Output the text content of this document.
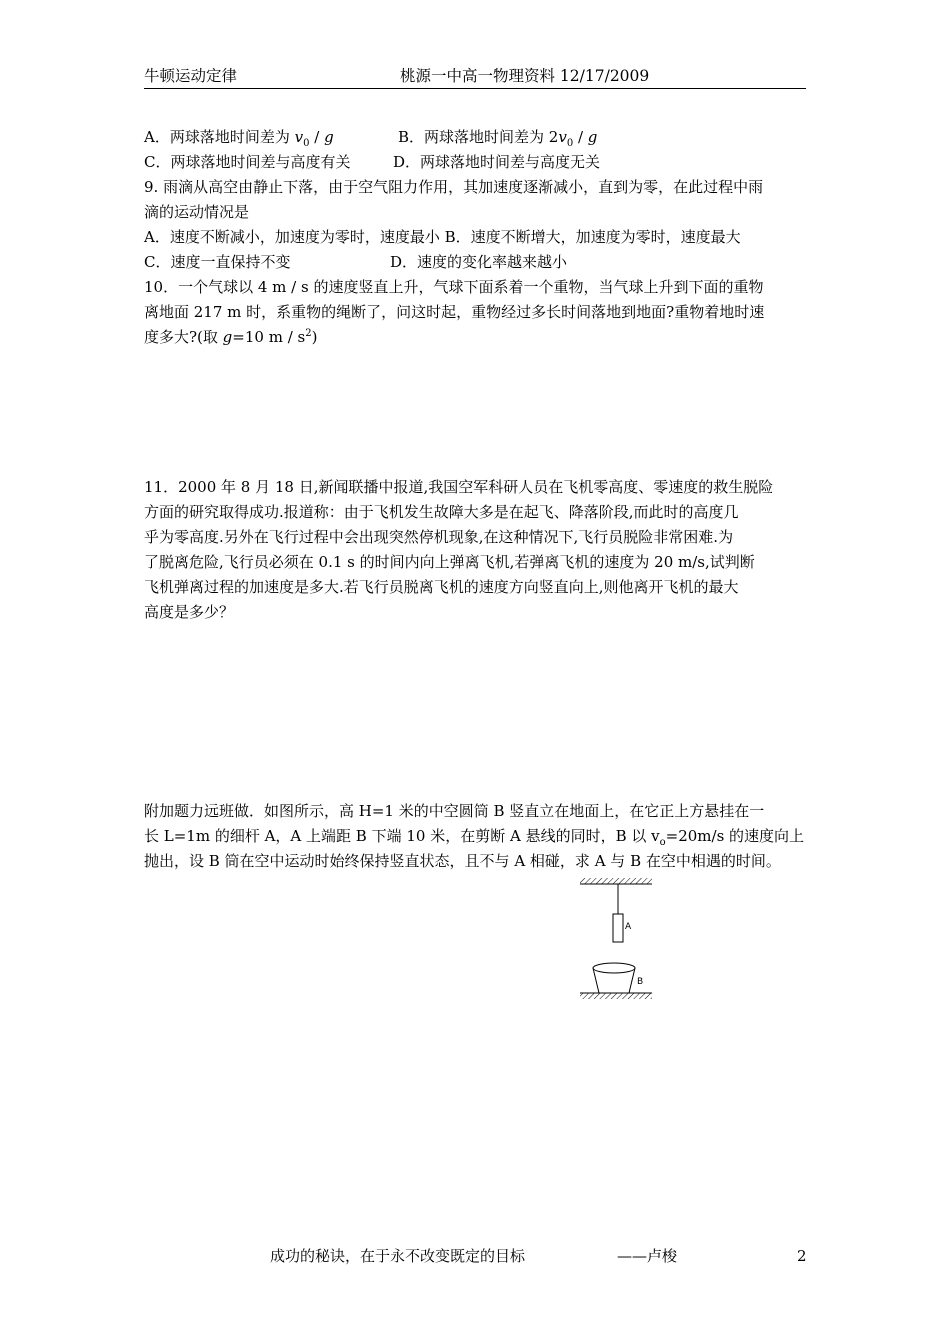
牛顿运动定律	桃源一中高一物理资料 12/17/2009
A．两球落地时间差为 $v_0$ / g	B．两球落地时间差为 $2v_0$ / g
C．两球落地时间差与高度有关	D．两球落地时间差与高度无关
9. 雨滴从高空由静止下落，由于空气阻力作用，其加速度逐渐减小，直到为零，在此过程中雨
滴的运动情况是
A．速度不断减小，加速度为零时，速度最小 B．速度不断增大，加速度为零时，速度最大
C．速度一直保持不变	D．速度的变化率越来越小
10．一个气球以 4 m / s 的速度竖直上升，气球下面系着一个重物，当气球上升到下面的重物
离地面 217 m 时，系重物的绳断了，问这时起，重物经过多长时间落地到地面?重物着地时速
度多大?(取 g=10 m / $s^2$)
11．2000 年 8 月 18 日,新闻联播中报道,我国空军科研人员在飞机零高度、零速度的救生脱险
方面的研究取得成功.报道称：由于飞机发生故障大多是在起飞、降落阶段,而此时的高度几
乎为零高度.另外在飞行过程中会出现突然停机现象,在这种情况下,飞行员脱险非常困难.为
了脱离危险,飞行员必须在 0.1 s 的时间内向上弹离飞机,若弹离飞机的速度为 20 m/s,试判断
飞机弹离过程的加速度是多大.若飞行员脱离飞机的速度方向竖直向上,则他离开飞机的最大
高度是多少？
附加题力远班做．如图所示，高 H=1 米的中空圆筒 B 竖直立在地面上，在它正上方悬挂在一
长 L=1m 的细杆 A，A 上端距 B 下端 10 米，在剪断 A 悬线的同时，B 以 $v_o=20m/s$ 的速度向上
抛出，设 B 筒在空中运动时始终保持竖直状态，且不与 A 相碰，求 A 与 B 在空中相遇的时间。
A
B
成功的秘诀，在于永不改变既定的目标	——卢梭	2
